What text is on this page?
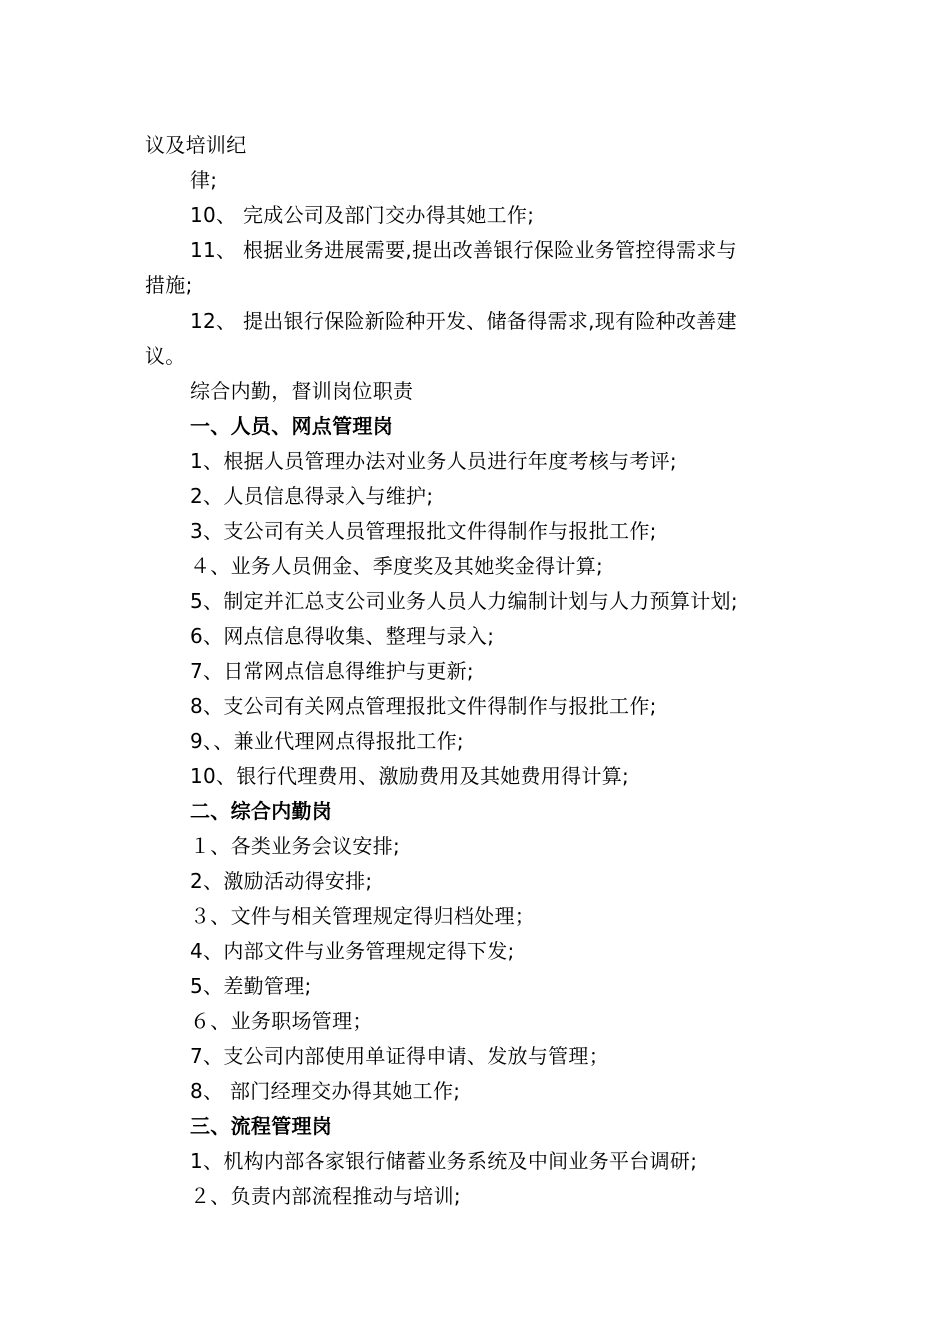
议及培训纪
律;
10、 完成公司及部门交办得其她工作;
11、 根据业务进展需要,提出改善银行保险业务管控得需求与
措施;
12、 提出银行保险新险种开发、储备得需求,现有险种改善建
议。
综合内勤，督训岗位职责
一、人员、网点管理岗
1、根据人员管理办法对业务人员进行年度考核与考评;
2、人员信息得录入与维护;
3、支公司有关人员管理报批文件得制作与报批工作;
４、业务人员佣金、季度奖及其她奖金得计算;
5、制定并汇总支公司业务人员人力编制计划与人力预算计划;
6、网点信息得收集、整理与录入;
7、日常网点信息得维护与更新;
8、支公司有关网点管理报批文件得制作与报批工作;
9、、兼业代理网点得报批工作;
10、银行代理费用、激励费用及其她费用得计算;
二、综合内勤岗
１、各类业务会议安排;
2、激励活动得安排;
３、文件与相关管理规定得归档处理；
4、内部文件与业务管理规定得下发;
5、差勤管理;
６、业务职场管理；
7、支公司内部使用单证得申请、发放与管理；
8、 部门经理交办得其她工作;
三、流程管理岗
1、机构内部各家银行储蓄业务系统及中间业务平台调研;
２、负责内部流程推动与培训;
